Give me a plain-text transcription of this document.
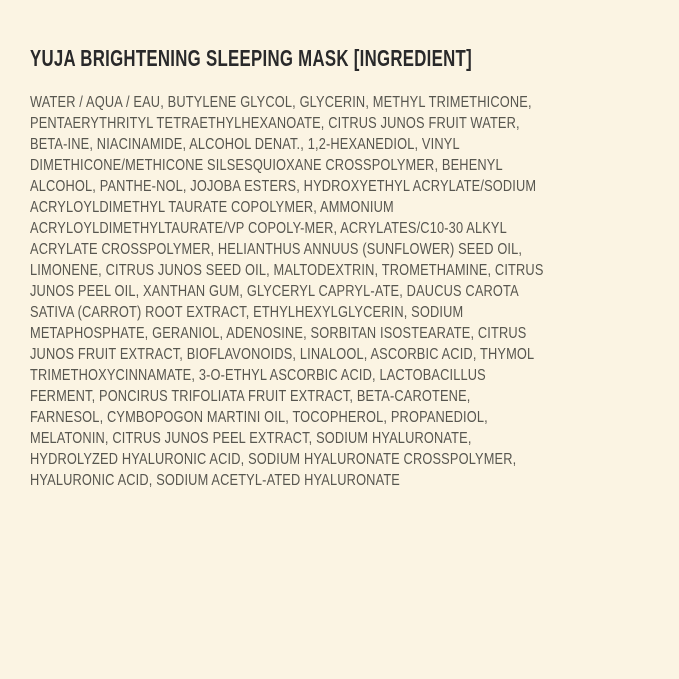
YUJA BRIGHTENING SLEEPING MASK [INGREDIENT]
WATER / AQUA / EAU, BUTYLENE GLYCOL, GLYCERIN, METHYL TRIMETHICONE,
PENTAERYTHRITYL TETRAETHYLHEXANOATE, CITRUS JUNOS FRUIT WATER,
BETA-INE, NIACINAMIDE, ALCOHOL DENAT., 1,2-HEXANEDIOL, VINYL
DIMETHICONE/METHICONE SILSESQUIOXANE CROSSPOLYMER, BEHENYL
ALCOHOL, PANTHE-NOL, JOJOBA ESTERS, HYDROXYETHYL ACRYLATE/SODIUM
ACRYLOYLDIMETHYL TAURATE COPOLYMER, AMMONIUM
ACRYLOYLDIMETHYLTAURATE/VP COPOLY-MER, ACRYLATES/C10-30 ALKYL
ACRYLATE CROSSPOLYMER, HELIANTHUS ANNUUS (SUNFLOWER) SEED OIL,
LIMONENE, CITRUS JUNOS SEED OIL, MALTODEXTRIN, TROMETHAMINE, CITRUS
JUNOS PEEL OIL, XANTHAN GUM, GLYCERYL CAPRYL-ATE, DAUCUS CAROTA
SATIVA (CARROT) ROOT EXTRACT, ETHYLHEXYLGLYCERIN, SODIUM
METAPHOSPHATE, GERANIOL, ADENOSINE, SORBITAN ISOSTEARATE, CITRUS
JUNOS FRUIT EXTRACT, BIOFLAVONOIDS, LINALOOL, ASCORBIC ACID, THYMOL
TRIMETHOXYCINNAMATE, 3-O-ETHYL ASCORBIC ACID, LACTOBACILLUS
FERMENT, PONCIRUS TRIFOLIATA FRUIT EXTRACT, BETA-CAROTENE,
FARNESOL, CYMBOPOGON MARTINI OIL, TOCOPHEROL, PROPANEDIOL,
MELATONIN, CITRUS JUNOS PEEL EXTRACT, SODIUM HYALURONATE,
HYDROLYZED HYALURONIC ACID, SODIUM HYALURONATE CROSSPOLYMER,
HYALURONIC ACID, SODIUM ACETYL-ATED HYALURONATE
